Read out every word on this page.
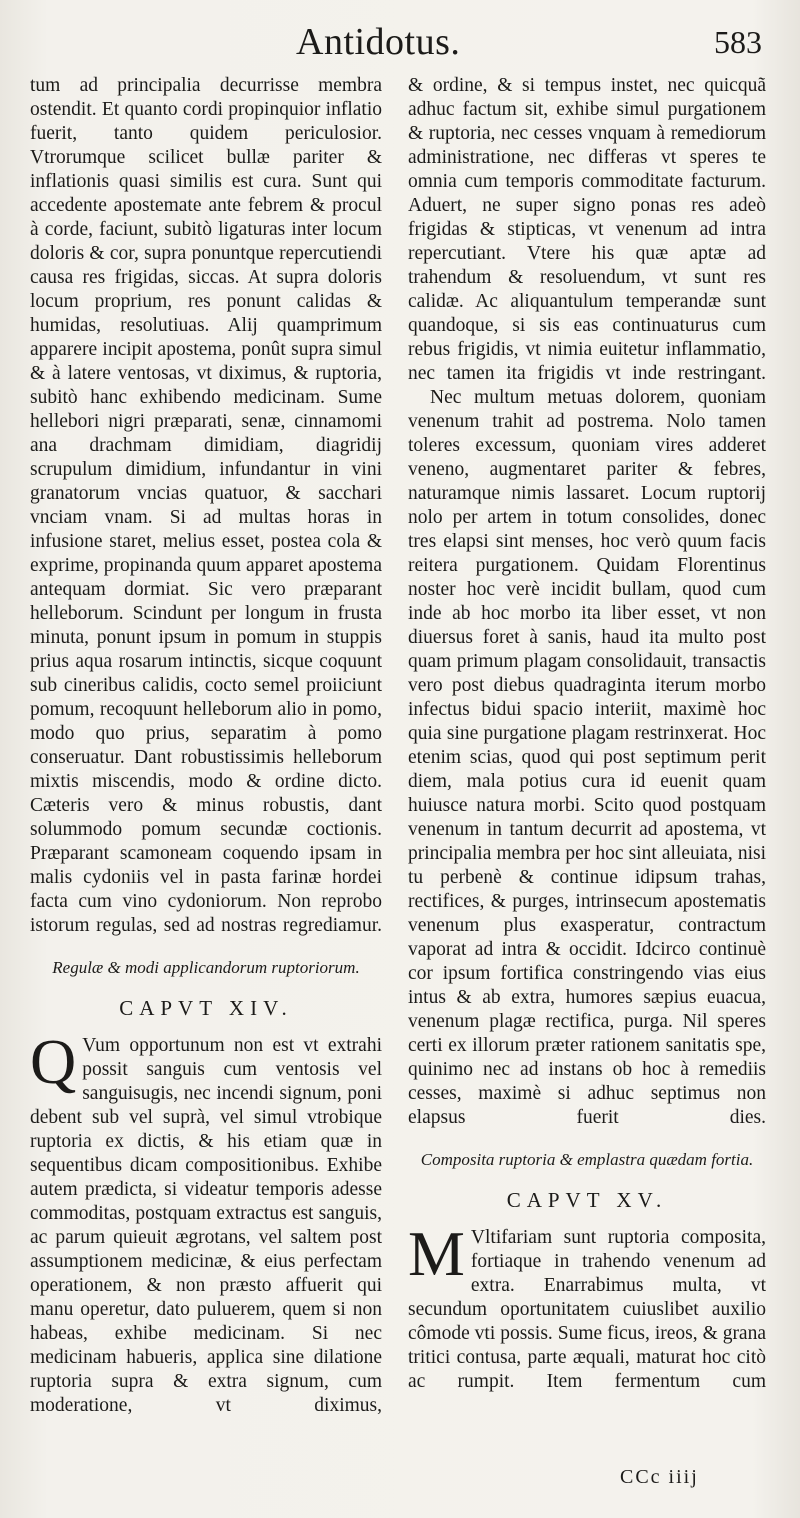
Antidotus.	583

tum ad principalia decurrisse membra ostendit. Et quanto cordi propinquior inflatio fuerit, tanto quidem periculosior. Vtrorumque scilicet bullæ pariter & inflationis quasi similis est cura. Sunt qui accedente apostemate ante febrem & procul à corde, faciunt, subitò ligaturas inter locum doloris & cor, supra ponuntque repercutiendi causa res frigidas, siccas. At supra doloris locum proprium, res ponunt calidas & humidas, resolutiuas. Alij quamprimum apparere incipit apostema, ponût supra simul & à latere ventosas, vt diximus, & ruptoria, subitò hanc exhibendo medicinam. Sume hellebori nigri præparati, senæ, cinnamomi ana drachmam dimidiam, diagridij scrupulum dimidium, infundantur in vini granatorum vncias quatuor, & sacchari vnciam vnam. Si ad multas horas in infusione staret, melius esset, postea cola & exprime, propinanda quum apparet apostema antequam dormiat. Sic vero præparant helleborum. Scindunt per longum in frusta minuta, ponunt ipsum in pomum in stuppis prius aqua rosarum intinctis, sicque coquunt sub cineribus calidis, cocto semel proiiciunt pomum, recoquunt helleborum alio in pomo, modo quo prius, separatim à pomo conseruatur. Dant robustissimis helleborum mixtis miscendis, modo & ordine dicto. Cæteris vero & minus robustis, dant solummodo pomum secundæ coctionis. Præparant scamoneam coquendo ipsam in malis cydoniis vel in pasta farinæ hordei facta cum vino cydoniorum. Non reprobo istorum regulas, sed ad nostras regrediamur.

Regulæ & modi applicandorum ruptoriorum.
CAPVT XIV.
Q Vum opportunum non est vt extrahi possit sanguis cum ventosis vel sanguisugis, nec incendi signum, poni debent sub vel suprà, vel simul vtrobique ruptoria ex dictis, & his etiam quæ in sequentibus dicam compositionibus. Exhibe autem prædicta, si videatur temporis adesse commoditas, postquam extractus est sanguis, ac parum quieuit ægrotans, vel saltem post assumptionem medicinæ, & eius perfectam operationem, & non præsto affuerit qui manu operetur, dato puluerem, quem si non habeas, exhibe medicinam. Si nec medicinam habueris, applica sine dilatione ruptoria supra & extra signum, cum moderatione, vt diximus,

& ordine, & si tempus instet, nec quicquã adhuc factum sit, exhibe simul purgationem & ruptoria, nec cesses vnquam à remediorum administratione, nec differas vt speres te omnia cum temporis commoditate facturum. Aduert, ne super signo ponas res adeò frigidas & stipticas, vt venenum ad intra repercutiant. Vtere his quæ aptæ ad trahendum & resoluendum, vt sunt res calidæ. Ac aliquantulum temperandæ sunt quandoque, si sis eas continuaturus cum rebus frigidis, vt nimia euitetur inflammatio, nec tamen ita frigidis vt inde restringant.

Nec multum metuas dolorem, quoniam venenum trahit ad postrema. Nolo tamen toleres excessum, quoniam vires adderet veneno, augmentaret pariter & febres, naturamque nimis lassaret. Locum ruptorij nolo per artem in totum consolides, donec tres elapsi sint menses, hoc verò quum facis reitera purgationem. Quidam Florentinus noster hoc verè incidit bullam, quod cum inde ab hoc morbo ita liber esset, vt non diuersus foret à sanis, haud ita multo post quam primum plagam consolidauit, transactis vero post diebus quadraginta iterum morbo infectus bidui spacio interiit, maximè hoc quia sine purgatione plagam restrinxerat. Hoc etenim scias, quod qui post septimum perit diem, mala potius cura id euenit quam huiusce natura morbi. Scito quod postquam venenum in tantum decurrit ad apostema, vt principalia membra per hoc sint alleuiata, nisi tu perbenè & continue idipsum trahas, rectifices, & purges, intrinsecum apostematis venenum plus exasperatur, contractum vaporat ad intra & occidit. Idcirco continuè cor ipsum fortifica constringendo vias eius intus & ab extra, humores sæpius euacua, venenum plagæ rectifica, purga. Nil speres certi ex illorum præter rationem sanitatis spe, quinimo nec ad instans ob hoc à remediis cesses, maximè si adhuc septimus non elapsus fuerit dies.

Composita ruptoria & emplastra quædam fortia.
CAPVT XV.
M Vltifariam sunt ruptoria composita, fortiaque in trahendo venenum ad extra. Enarrabimus multa, vt secundum oportunitatem cuiuslibet auxilio cômode vti possis. Sume ficus, ireos, & grana tritici contusa, parte æquali, maturat hoc citò ac rumpit. Item fermentum cum

CCc iiij
